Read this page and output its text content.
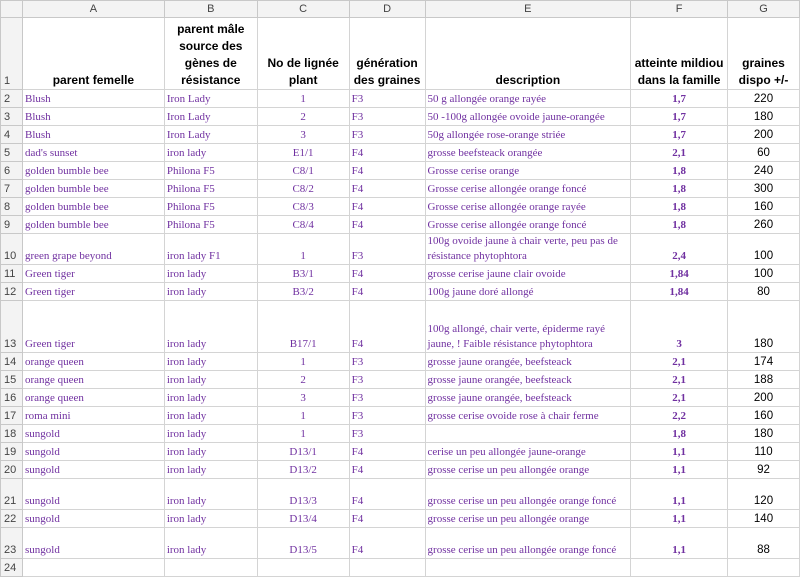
	A	B	C	D	E	F	G
1	parent femelle	parent mâle source des gènes de résistance	No de lignée plant	génération des graines	description	atteinte mildiou dans la famille	graines dispo +/-
2	Blush	Iron Lady	1	F3	50 g allongée orange rayée	1,7	220
3	Blush	Iron Lady	2	F3	50 -100g allongée ovoide jaune-orangée	1,7	180
4	Blush	Iron Lady	3	F3	50g allongée rose-orange striée	1,7	200
5	dad's sunset	iron lady	E1/1	F4	grosse beefsteack orangée	2,1	60
6	golden bumble bee	Philona F5	C8/1	F4	Grosse cerise orange	1,8	240
7	golden bumble bee	Philona F5	C8/2	F4	Grosse cerise allongée orange foncé	1,8	300
8	golden bumble bee	Philona F5	C8/3	F4	Grosse cerise allongée orange rayée	1,8	160
9	golden bumble bee	Philona F5	C8/4	F4	Grosse cerise allongée orange foncé	1,8	260
10	green grape beyond	iron lady F1	1	F3	100g ovoide jaune à chair verte, peu pas de résistance phytophtora	2,4	100
11	Green tiger	iron lady	B3/1	F4	grosse cerise jaune clair ovoide	1,84	100
12	Green tiger	iron lady	B3/2	F4	100g jaune doré allongé	1,84	80
13	Green tiger	iron lady	B17/1	F4	100g allongé, chair verte, épiderme rayé jaune, ! Faible résistance phytophtora	3	180
14	orange queen	iron lady	1	F3	grosse jaune orangée, beefsteack	2,1	174
15	orange queen	iron lady	2	F3	grosse jaune orangée, beefsteack	2,1	188
16	orange queen	iron lady	3	F3	grosse jaune orangée, beefsteack	2,1	200
17	roma mini	iron lady	1	F3	grosse cerise ovoide rose à chair ferme	2,2	160
18	sungold	iron lady	1	F3		1,8	180
19	sungold	iron lady	D13/1	F4	cerise un peu allongée jaune-orange	1,1	110
20	sungold	iron lady	D13/2	F4	grosse cerise un peu allongée orange	1,1	92
21	sungold	iron lady	D13/3	F4	grosse cerise un peu allongée orange foncé	1,1	120
22	sungold	iron lady	D13/4	F4	grosse cerise un peu allongée orange	1,1	140
23	sungold	iron lady	D13/5	F4	grosse cerise un peu allongée orange foncé	1,1	88
24							
